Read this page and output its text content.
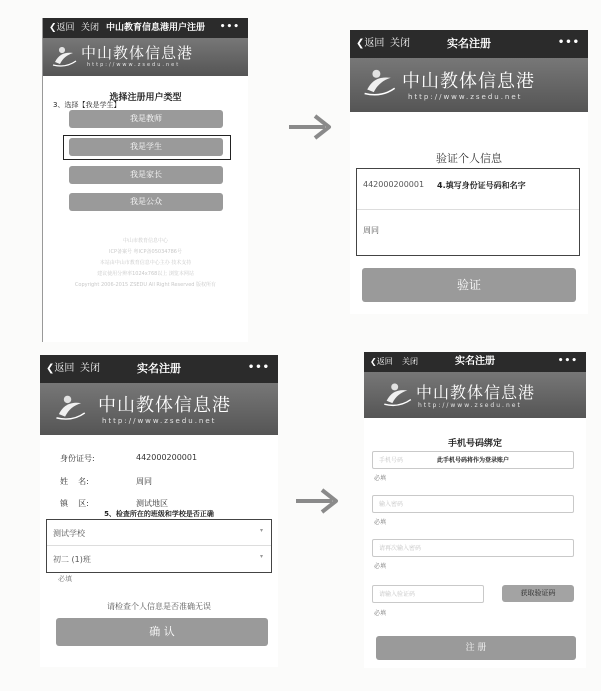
❮返回 关闭 中山教育信息港用户注册	•••
中山教体信息港
http://www.zsedu.net
选择注册用户类型
3、选择【我是学生】
我是教师
我是学生
我是家长
我是公众
中山市教育信息中心
ICP备案号 粤ICP备05034786号
本站由中山市教育信息中心主办 技术支持
建议使用分辨率1024x768以上 浏览本网站
Copyright 2006-2015 ZSEDU All Right Reserved 版权所有
❮返回 关闭	实名注册	•••
中山教体信息港
http://www.zsedu.net
验证个人信息
442000200001 4.填写身份证号码和名字
周同
验证
❮返回 关闭	实名注册	•••
中山教体信息港
http://www.zsedu.net
身份证号:	442000200001
姓    名:	周同
镇    区:	测试地区
5、检查所在的班级和学校是否正确
测试学校	▾
初二 (1)班	▾
必填
请检查个人信息是否准确无误
确 认
❮返回 关闭	实名注册	•••
中山教体信息港
http://www.zsedu.net
手机号码绑定
手机号码	此手机号码将作为登录账户
必填
输入密码
必填
请再次输入密码
必填
请输入验证码	获取验证码
必填
注 册
